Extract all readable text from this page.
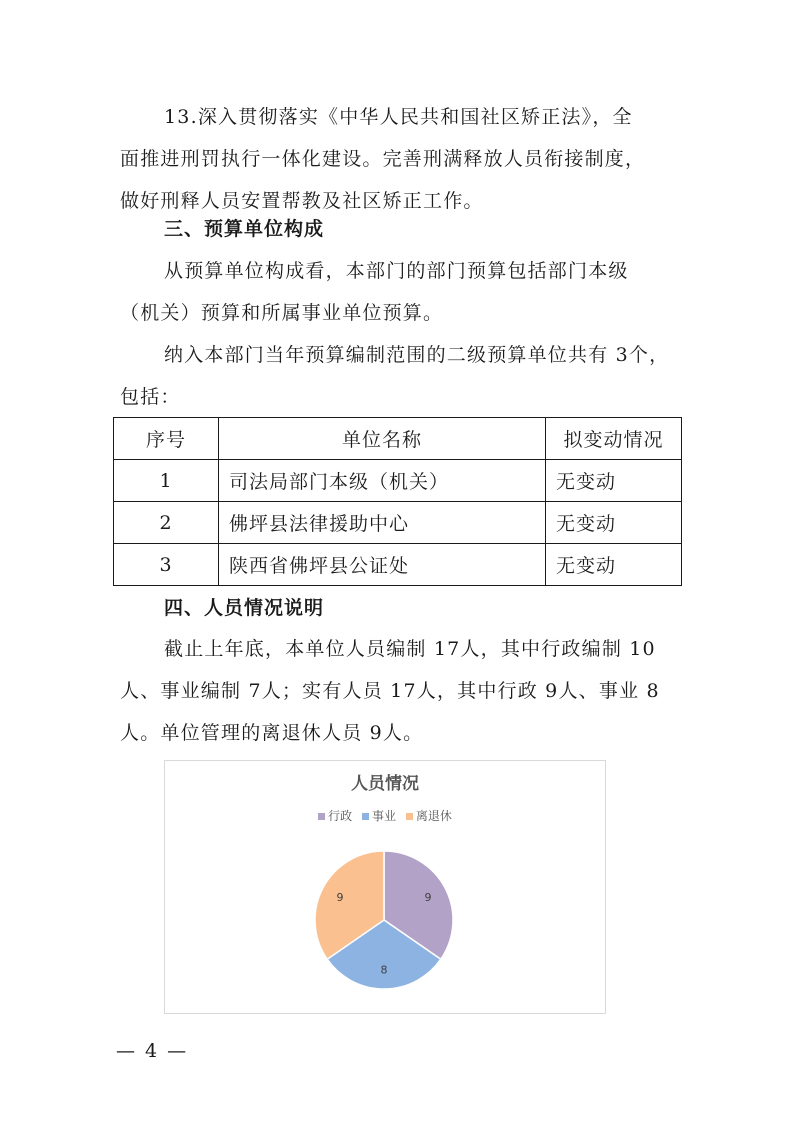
13.深入贯彻落实《中华人民共和国社区矫正法》，全
面推进刑罚执行一体化建设。完善刑满释放人员衔接制度，
做好刑释人员安置帮教及社区矫正工作。
三、预算单位构成
从预算单位构成看，本部门的部门预算包括部门本级
（机关）预算和所属事业单位预算。
纳入本部门当年预算编制范围的二级预算单位共有 3个，
包括：
序号	单位名称	拟变动情况
1	司法局部门本级（机关）	无变动
2	佛坪县法律援助中心	无变动
3	陕西省佛坪县公证处	无变动
四、人员情况说明
截止上年底，本单位人员编制 17人，其中行政编制 10
人、事业编制 7人；实有人员 17人，其中行政 9人、事业 8
人。单位管理的离退休人员 9人。
人员情况
行政 事业 离退休
9
8
9
— 4 —
